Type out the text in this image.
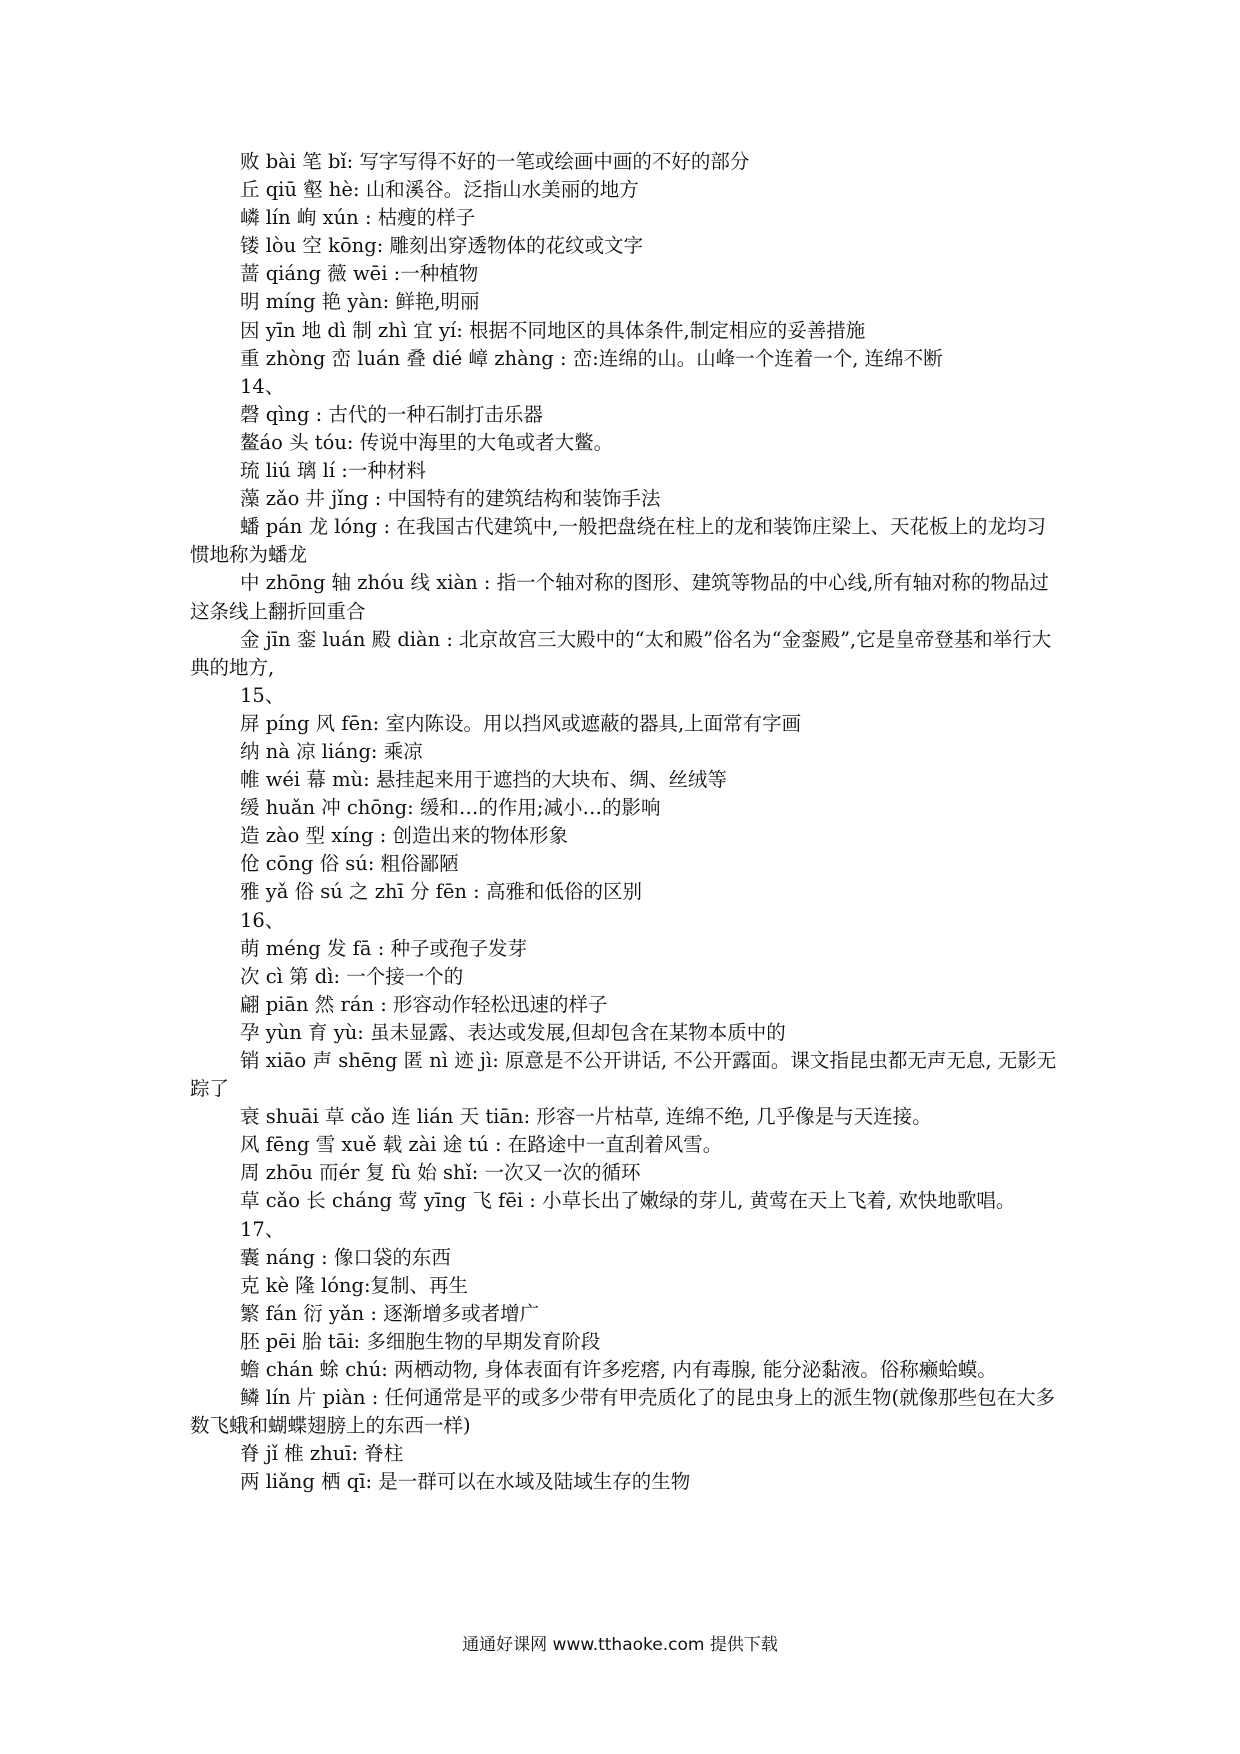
败 bài 笔 bǐ: 写字写得不好的一笔或绘画中画的不好的部分
丘 qiū 壑 hè: 山和溪谷。泛指山水美丽的地方
嶙 lín 峋 xún : 枯瘦的样子
镂 lòu 空 kōng: 雕刻出穿透物体的花纹或文字
蔷 qiáng 薇 wēi :一种植物
明 míng 艳 yàn: 鲜艳,明丽
因 yīn 地 dì 制 zhì 宜 yí: 根据不同地区的具体条件,制定相应的妥善措施
重 zhòng 峦 luán 叠 dié 嶂 zhàng : 峦:连绵的山。山峰一个连着一个, 连绵不断
14、
磬 qìng : 古代的一种石制打击乐器
鳌áo 头 tóu: 传说中海里的大龟或者大鳖。
琉 liú 璃 lí :一种材料
藻 zǎo 井 jǐng : 中国特有的建筑结构和装饰手法
蟠 pán 龙 lóng : 在我国古代建筑中,一般把盘绕在柱上的龙和装饰庄梁上、天花板上的龙均习惯地称为蟠龙
中 zhōng 轴 zhóu 线 xiàn : 指一个轴对称的图形、建筑等物品的中心线,所有轴对称的物品过这条线上翻折回重合
金 jīn 銮 luán 殿 diàn : 北京故宫三大殿中的“太和殿”俗名为“金銮殿”,它是皇帝登基和举行大典的地方,
15、
屏 píng 风 fēn: 室内陈设。用以挡风或遮蔽的器具,上面常有字画
纳 nà 凉 liáng: 乘凉
帷 wéi 幕 mù: 悬挂起来用于遮挡的大块布、绸、丝绒等
缓 huǎn 冲 chōng: 缓和…的作用;减小…的影响
造 zào 型 xíng : 创造出来的物体形象
伧 cōng 俗 sú: 粗俗鄙陋
雅 yǎ 俗 sú 之 zhī 分 fēn : 高雅和低俗的区别
16、
萌 méng 发 fā : 种子或孢子发芽
次 cì 第 dì: 一个接一个的
翩 piān 然 rán : 形容动作轻松迅速的样子
孕 yùn 育 yù: 虽未显露、表达或发展,但却包含在某物本质中的
销 xiāo 声 shēng 匿 nì 迹 jì: 原意是不公开讲话, 不公开露面。课文指昆虫都无声无息, 无影无踪了
衰 shuāi 草 cǎo 连 lián 天 tiān: 形容一片枯草, 连绵不绝, 几乎像是与天连接。
风 fēng 雪 xuě 载 zài 途 tú : 在路途中一直刮着风雪。
周 zhōu 而ér 复 fù 始 shǐ: 一次又一次的循环
草 cǎo 长 cháng 莺 yīng 飞 fēi : 小草长出了嫩绿的芽儿, 黄莺在天上飞着, 欢快地歌唱。
17、
囊 náng : 像口袋的东西
克 kè 隆 lóng:复制、再生
繁 fán 衍 yǎn : 逐渐增多或者增广
胚 pēi 胎 tāi: 多细胞生物的早期发育阶段
蟾 chán 蜍 chú: 两栖动物, 身体表面有许多疙瘩, 内有毒腺, 能分泌黏液。俗称癞蛤蟆。
鳞 lín 片 piàn : 任何通常是平的或多少带有甲壳质化了的昆虫身上的派生物(就像那些包在大多数飞蛾和蝴蝶翅膀上的东西一样)
脊 jǐ 椎 zhuī: 脊柱
两 liǎng 栖 qī: 是一群可以在水域及陆域生存的生物
通通好课网 www.tthaoke.com 提供下载
